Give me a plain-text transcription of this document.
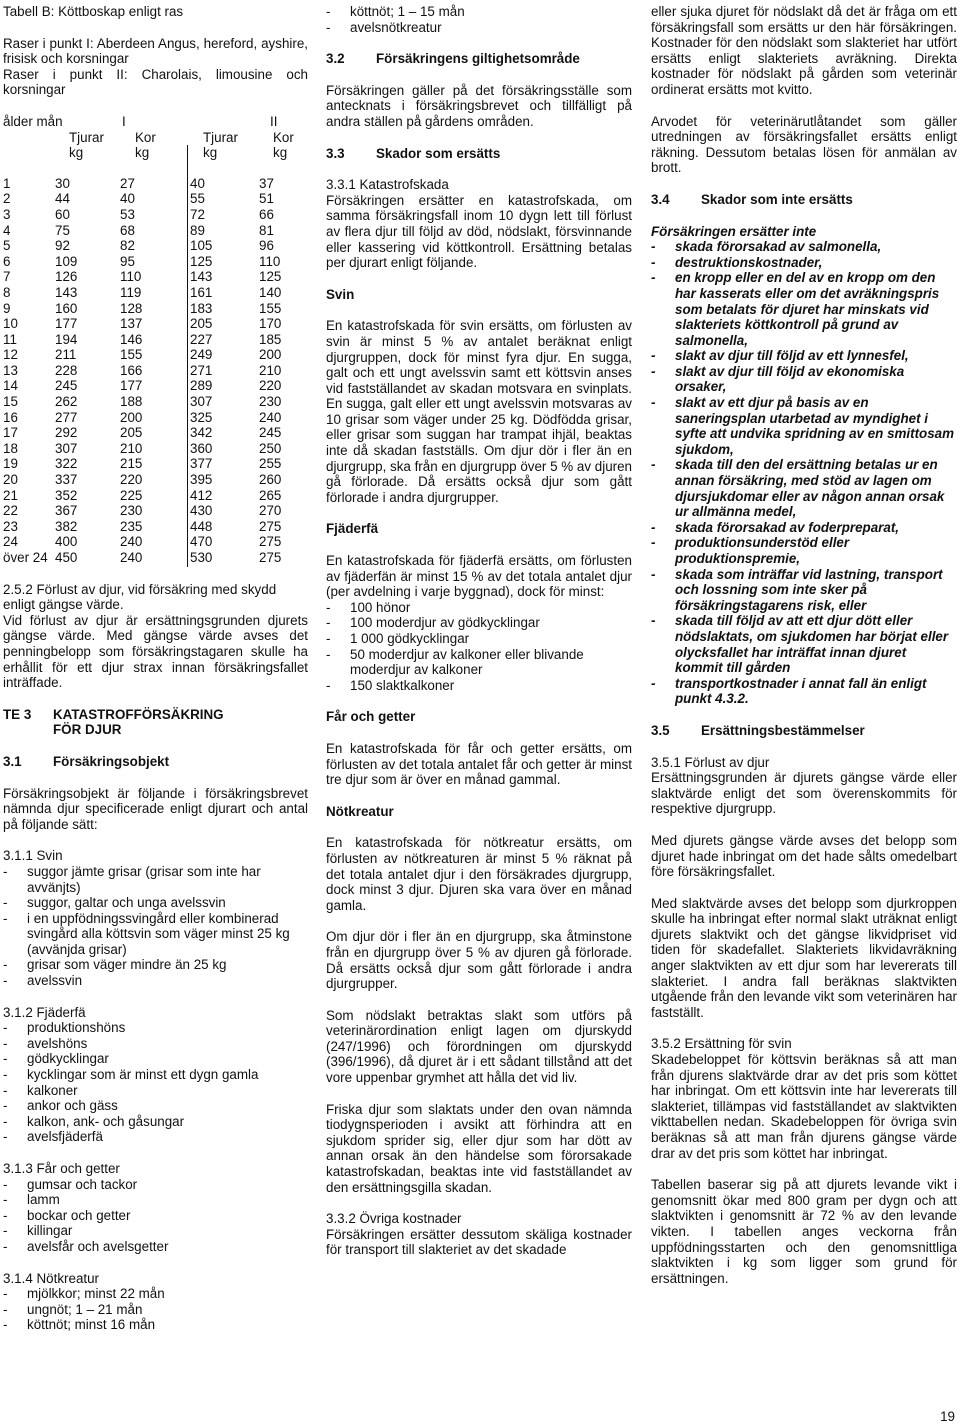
Tabell B: Köttboskap enligt ras
Raser i punkt I: Aberdeen Angus, hereford, ayshire, frisisk och korsningar
Raser i punkt II: Charolais, limousine och korsningar
ålder mån	I	II
Tjurar	Kor	Tjurar	Kor
kg	kg	kg	kg
1	30	27	40	37
2	44	40	55	51
3	60	53	72	66
4	75	68	89	81
5	92	82	105	96
6	109	95	125	110
7	126	110	143	125
8	143	119	161	140
9	160	128	183	155
10	177	137	205	170
11	194	146	227	185
12	211	155	249	200
13	228	166	271	210
14	245	177	289	220
15	262	188	307	230
16	277	200	325	240
17	292	205	342	245
18	307	210	360	250
19	322	215	377	255
20	337	220	395	260
21	352	225	412	265
22	367	230	430	270
23	382	235	448	275
24	400	240	470	275
över 24 450	240	530	275
2.5.2 Förlust av djur, vid försäkring med skydd enligt gängse värde.
Vid förlust av djur är ersättningsgrunden djurets gängse värde. Med gängse värde avses det penningbelopp som försäkringstagaren skulle ha erhållit för ett djur strax innan försäkringsfallet inträffade.
TE 3	KATASTROFFÖRSÄKRING
FÖR DJUR
3.1	Försäkringsobjekt
Försäkringsobjekt är följande i försäkringsbrevet nämnda djur specificerade enligt djurart och antal på följande sätt:
3.1.1 Svin
-	suggor jämte grisar (grisar som inte har avvänjts)
-	suggor, galtar och unga avelssvin
-	i en uppfödningssvingård eller kombinerad svingård alla köttsvin som väger minst 25 kg (avvänjda grisar)
-	grisar som väger mindre än 25 kg
-	avelssvin
3.1.2 Fjäderfä
-	produktionshöns
-	avelshöns
-	gödkycklingar
-	kycklingar som är minst ett dygn gamla
-	kalkoner
-	ankor och gäss
-	kalkon, ank- och gåsungar
-	avelsfjäderfä
3.1.3 Får och getter
-	gumsar och tackor
-	lamm
-	bockar och getter
-	killingar
-	avelsfår och avelsgetter
3.1.4 Nötkreatur
-	mjölkkor; minst 22 mån
-	ungnöt; 1 – 21 mån
-	köttnöt; minst 16 mån
-	köttnöt; 1 – 15 mån
-	avelsnötkreatur
3.2	Försäkringens giltighetsområde
Försäkringen gäller på det försäkringsställe som antecknats i försäkringsbrevet och tillfälligt på andra ställen på gårdens områden.
3.3	Skador som ersätts
3.3.1 Katastrofskada
Försäkringen ersätter en katastrofskada, om samma försäkringsfall inom 10 dygn lett till förlust av flera djur till följd av död, nödslakt, försvinnande eller kassering vid köttkontroll. Ersättning betalas per djurart enligt följande.
Svin
En katastrofskada för svin ersätts, om förlusten av svin är minst 5 % av antalet beräknat enligt djurgruppen, dock för minst fyra djur. En sugga, galt och ett ungt avelssvin samt ett köttsvin anses vid fastställandet av skadan motsvara en svinplats. En sugga, galt eller ett ungt avelssvin motsvaras av 10 grisar som väger under 25 kg. Dödfödda grisar, eller grisar som suggan har trampat ihjäl, beaktas inte då skadan fastställs. Om djur dör i fler än en djurgrupp, ska från en djurgrupp över 5 % av djuren gå förlorade. Då ersätts också djur som gått förlorade i andra djurgrupper.
Fjäderfä
En katastrofskada för fjäderfä ersätts, om förlusten av fjäderfän är minst 15 % av det totala antalet djur (per avdelning i varje byggnad), dock för minst:
-	100 hönor
-	100 moderdjur av gödkycklingar
-	1 000 gödkycklingar
-	50 moderdjur av kalkoner eller blivande moderdjur av kalkoner
-	150 slaktkalkoner
Får och getter
En katastrofskada för får och getter ersätts, om förlusten av det totala antalet får och getter är minst tre djur som är över en månad gammal.
Nötkreatur
En katastrofskada för nötkreatur ersätts, om förlusten av nötkreaturen är minst 5 % räknat på det totala antalet djur i den försäkrades djurgrupp, dock minst 3 djur. Djuren ska vara över en månad gamla.
Om djur dör i fler än en djurgrupp, ska åtminstone från en djurgrupp över 5 % av djuren gå förlorade. Då ersätts också djur som gått förlorade i andra djurgrupper.
Som nödslakt betraktas slakt som utförs på veterinärordination enligt lagen om djurskydd (247/1996) och förordningen om djurskydd (396/1996), då djuret är i ett sådant tillstånd att det vore uppenbar grymhet att hålla det vid liv.
Friska djur som slaktats under den ovan nämnda tiodygnsperioden i avsikt att förhindra att en sjukdom sprider sig, eller djur som har dött av annan orsak än den händelse som förorsakade katastrofskadan, beaktas inte vid fastställandet av den ersättningsgilla skadan.
3.3.2 Övriga kostnader
Försäkringen ersätter dessutom skäliga kostnader för transport till slakteriet av det skadade
eller sjuka djuret för nödslakt då det är fråga om ett försäkringsfall som ersätts ur den här försäkringen. Kostnader för den nödslakt som slakteriet har utfört ersätts enligt slakteriets avräkning. Direkta kostnader för nödslakt på gården som veterinär ordinerat ersätts mot kvitto.
Arvodet för veterinärutlåtandet som gäller utredningen av försäkringsfallet ersätts enligt räkning. Dessutom betalas lösen för anmälan av brott.
3.4	Skador som inte ersätts
Försäkringen ersätter inte
-	skada förorsakad av salmonella,
-	destruktionskostnader,
-	en kropp eller en del av en kropp om den har kasserats eller om det avräkningspris som betalats för djuret har minskats vid slakteriets köttkontroll på grund av salmonella,
-	slakt av djur till följd av ett lynnesfel,
-	slakt av djur till följd av ekonomiska orsaker,
-	slakt av ett djur på basis av en saneringsplan utarbetad av myndighet i syfte att undvika spridning av en smittosam sjukdom,
-	skada till den del ersättning betalas ur en annan försäkring, med stöd av lagen om djursjukdomar eller av någon annan orsak ur allmänna medel,
-	skada förorsakad av foderpreparat,
-	produktionsunderstöd eller produktionspremie,
-	skada som inträffar vid lastning, transport och lossning som inte sker på försäkringstagarens risk, eller
-	skada till följd av att ett djur dött eller nödslaktats, om sjukdomen har börjat eller olycksfallet har inträffat innan djuret kommit till gården
-	transportkostnader i annat fall än enligt punkt 4.3.2.
3.5	Ersättningsbestämmelser
3.5.1 Förlust av djur
Ersättningsgrunden är djurets gängse värde eller slaktvärde enligt det som överenskommits för respektive djurgrupp.
Med djurets gängse värde avses det belopp som djuret hade inbringat om det hade sålts omedelbart före försäkringsfallet.
Med slaktvärde avses det belopp som djurkroppen skulle ha inbringat efter normal slakt uträknat enligt djurets slaktvikt och det gängse likvidpriset vid tiden för skadefallet. Slakteriets likvidavräkning anger slaktvikten av ett djur som har levererats till slakteriet. I andra fall beräknas slaktvikten utgående från den levande vikt som veterinären har fastställt.
3.5.2 Ersättning för svin
Skadebeloppet för köttsvin beräknas så att man från djurens slaktvärde drar av det pris som köttet har inbringat. Om ett köttsvin inte har levererats till slakteriet, tillämpas vid fastställandet av slaktvikten vikttabellen nedan. Skadebeloppen för övriga svin beräknas så att man från djurens gängse värde drar av det pris som köttet har inbringat.
Tabellen baserar sig på att djurets levande vikt i genomsnitt ökar med 800 gram per dygn och att slaktvikten i genomsnitt är 72 % av den levande vikten. I tabellen anges veckorna från uppfödningsstarten och den genomsnittliga slaktvikten i kg som ligger som grund för ersättningen.
19
